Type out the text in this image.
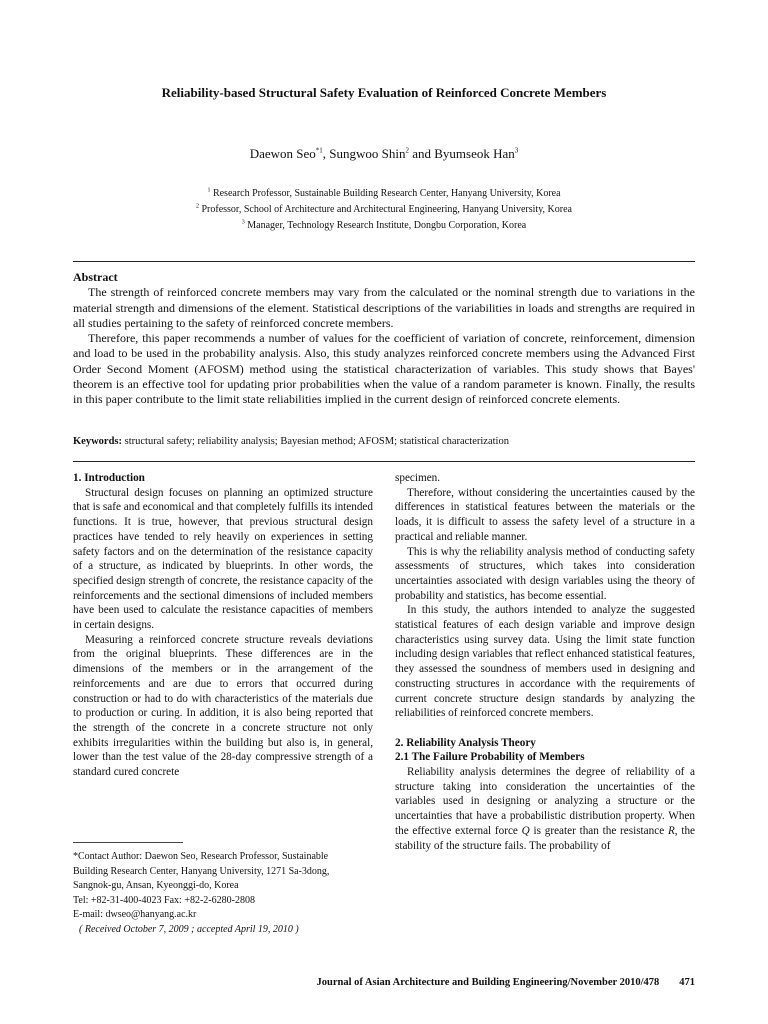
Reliability-based Structural Safety Evaluation of Reinforced Concrete Members
Daewon Seo$^{*1}$, Sungwoo Shin$^2$ and Byumseok Han$^3$
$^1$ Research Professor, Sustainable Building Research Center, Hanyang University, Korea
$^2$ Professor, School of Architecture and Architectural Engineering, Hanyang University, Korea
$^3$ Manager, Technology Research Institute, Dongbu Corporation, Korea
Abstract

The strength of reinforced concrete members may vary from the calculated or the nominal strength due to variations in the material strength and dimensions of the element. Statistical descriptions of the variabilities in loads and strengths are required in all studies pertaining to the safety of reinforced concrete members.

Therefore, this paper recommends a number of values for the coefficient of variation of concrete, reinforcement, dimension and load to be used in the probability analysis. Also, this study analyzes reinforced concrete members using the Advanced First Order Second Moment (AFOSM) method using the statistical characterization of variables. This study shows that Bayes' theorem is an effective tool for updating prior probabilities when the value of a random parameter is known. Finally, the results in this paper contribute to the limit state reliabilities implied in the current design of reinforced concrete elements.

Keywords: structural safety; reliability analysis; Bayesian method; AFOSM; statistical characterization
1. Introduction

Structural design focuses on planning an optimized structure that is safe and economical and that completely fulfills its intended functions. It is true, however, that previous structural design practices have tended to rely heavily on experiences in setting safety factors and on the determination of the resistance capacity of a structure, as indicated by blueprints. In other words, the specified design strength of concrete, the resistance capacity of the reinforcements and the sectional dimensions of included members have been used to calculate the resistance capacities of members in certain designs.

Measuring a reinforced concrete structure reveals deviations from the original blueprints. These differences are in the dimensions of the members or in the arrangement of the reinforcements and are due to errors that occurred during construction or had to do with characteristics of the materials due to production or curing. In addition, it is also being reported that the strength of the concrete in a concrete structure not only exhibits irregularities within the building but also is, in general, lower than the test value of the 28-day compressive strength of a standard cured concrete

specimen.

Therefore, without considering the uncertainties caused by the differences in statistical features between the materials or the loads, it is difficult to assess the safety level of a structure in a practical and reliable manner.

This is why the reliability analysis method of conducting safety assessments of structures, which takes into consideration uncertainties associated with design variables using the theory of probability and statistics, has become essential.

In this study, the authors intended to analyze the suggested statistical features of each design variable and improve design characteristics using survey data. Using the limit state function including design variables that reflect enhanced statistical features, they assessed the soundness of members used in designing and constructing structures in accordance with the requirements of current concrete structure design standards by analyzing the reliabilities of reinforced concrete members.

2. Reliability Analysis Theory
2.1 The Failure Probability of Members

Reliability analysis determines the degree of reliability of a structure taking into consideration the uncertainties of the variables used in designing or analyzing a structure or the uncertainties that have a probabilistic distribution property. When the effective external force Q is greater than the resistance R, the stability of the structure fails. The probability of

*Contact Author: Daewon Seo, Research Professor, Sustainable
Building Research Center, Hanyang University, 1271 Sa-3dong,
Sangnok-gu, Ansan, Kyeonggi-do, Korea
Tel: +82-31-400-4023 Fax: +82-2-6280-2808
E-mail: dwseo@hanyang.ac.kr
( Received October 7, 2009 ; accepted April 19, 2010 )
Journal of Asian Architecture and Building Engineering/November 2010/478 471
